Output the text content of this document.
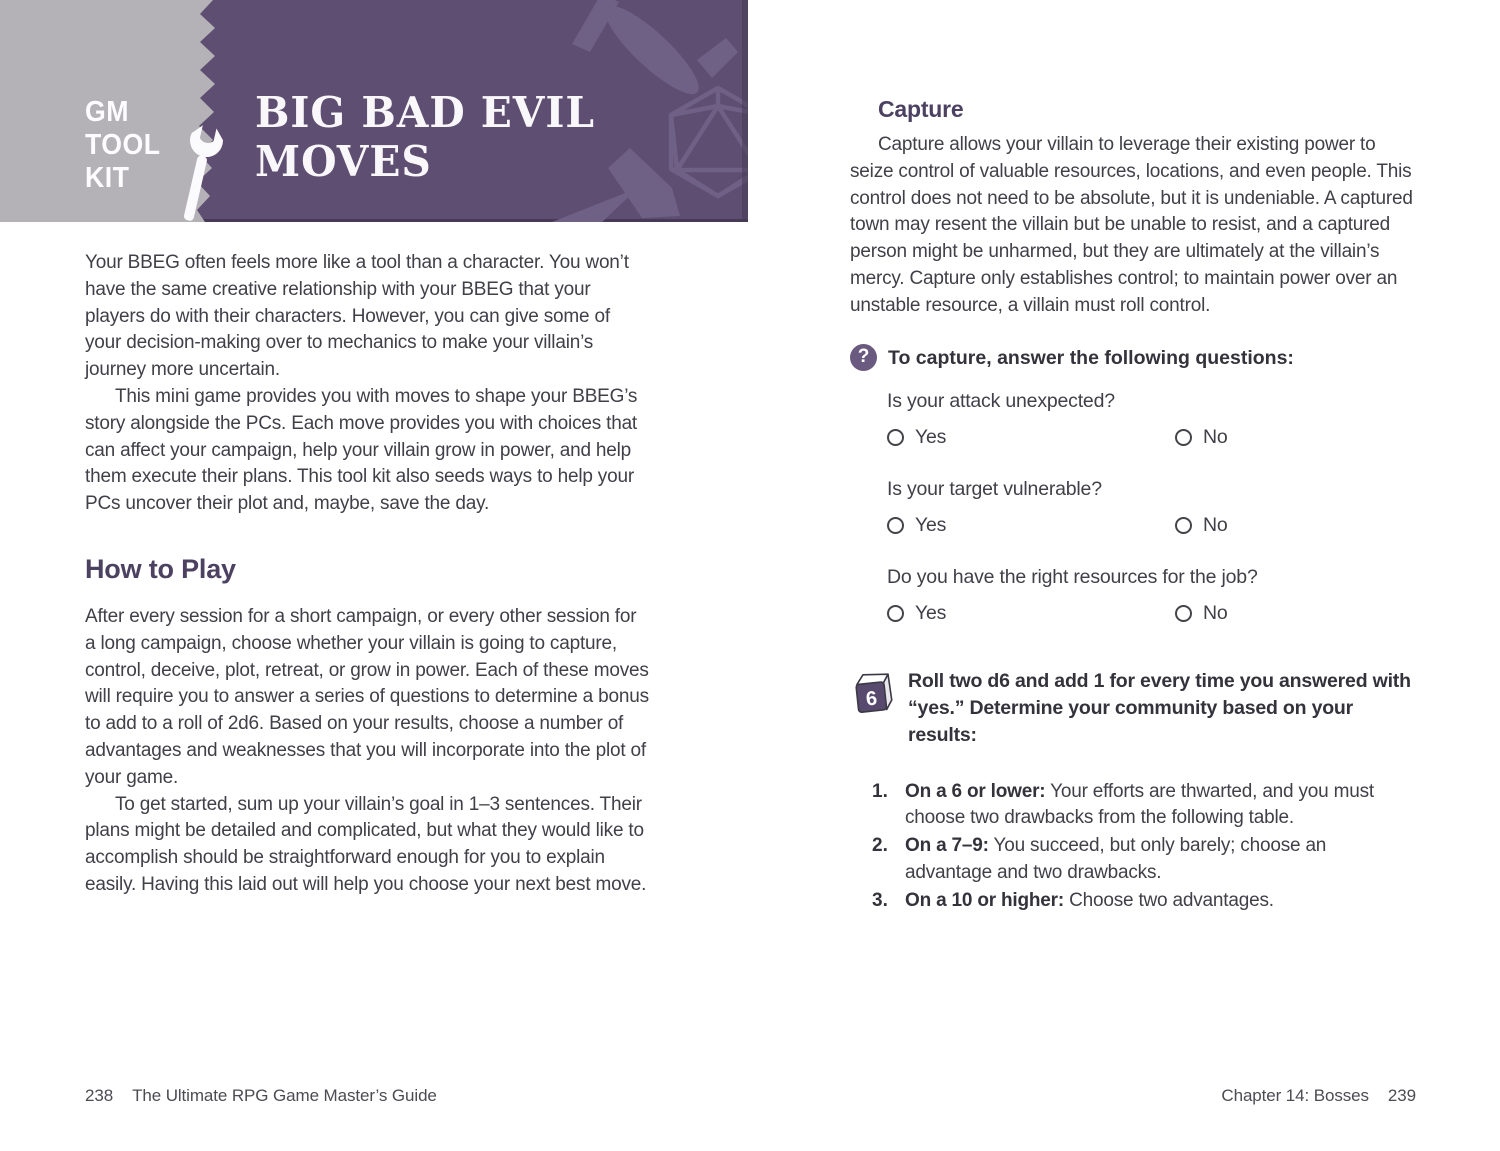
GM
TOOL
KIT
BIG BAD EVIL
MOVES

Your BBEG often feels more like a tool than a character. You won’t have the same creative relationship with your BBEG that your players do with their characters. However, you can give some of your decision-making over to mechanics to make your villain’s journey more uncertain.

This mini game provides you with moves to shape your BBEG’s story alongside the PCs. Each move provides you with choices that can affect your campaign, help your villain grow in power, and help them execute their plans. This tool kit also seeds ways to help your PCs uncover their plot and, maybe, save the day.

How to Play

After every session for a short campaign, or every other session for a long campaign, choose whether your villain is going to capture, control, deceive, plot, retreat, or grow in power. Each of these moves will require you to answer a series of questions to determine a bonus to add to a roll of 2d6. Based on your results, choose a number of advantages and weaknesses that you will incorporate into the plot of your game.

To get started, sum up your villain’s goal in 1–3 sentences. Their plans might be detailed and complicated, but what they would like to accomplish should be straightforward enough for you to explain easily. Having this laid out will help you choose your next best move.

Capture

Capture allows your villain to leverage their existing power to seize control of valuable resources, locations, and even people. This control does not need to be absolute, but it is undeniable. A captured town may resent the villain but be unable to resist, and a captured person might be unharmed, but they are ultimately at the villain’s mercy. Capture only establishes control; to maintain power over an unstable resource, a villain must roll control.

? To capture, answer the following questions:
Is your attack unexpected?
Yes	No
Is your target vulnerable?
Yes	No
Do you have the right resources for the job?
Yes	No
6
Roll two d6 and add 1 for every time you answered with “yes.” Determine your community based on your results:
1. On a 6 or lower: Your efforts are thwarted, and you must choose two drawbacks from the following table.
2. On a 7–9: You succeed, but only barely; choose an advantage and two drawbacks.
3. On a 10 or higher: Choose two advantages.
238 The Ultimate RPG Game Master’s Guide	Chapter 14: Bosses 239
